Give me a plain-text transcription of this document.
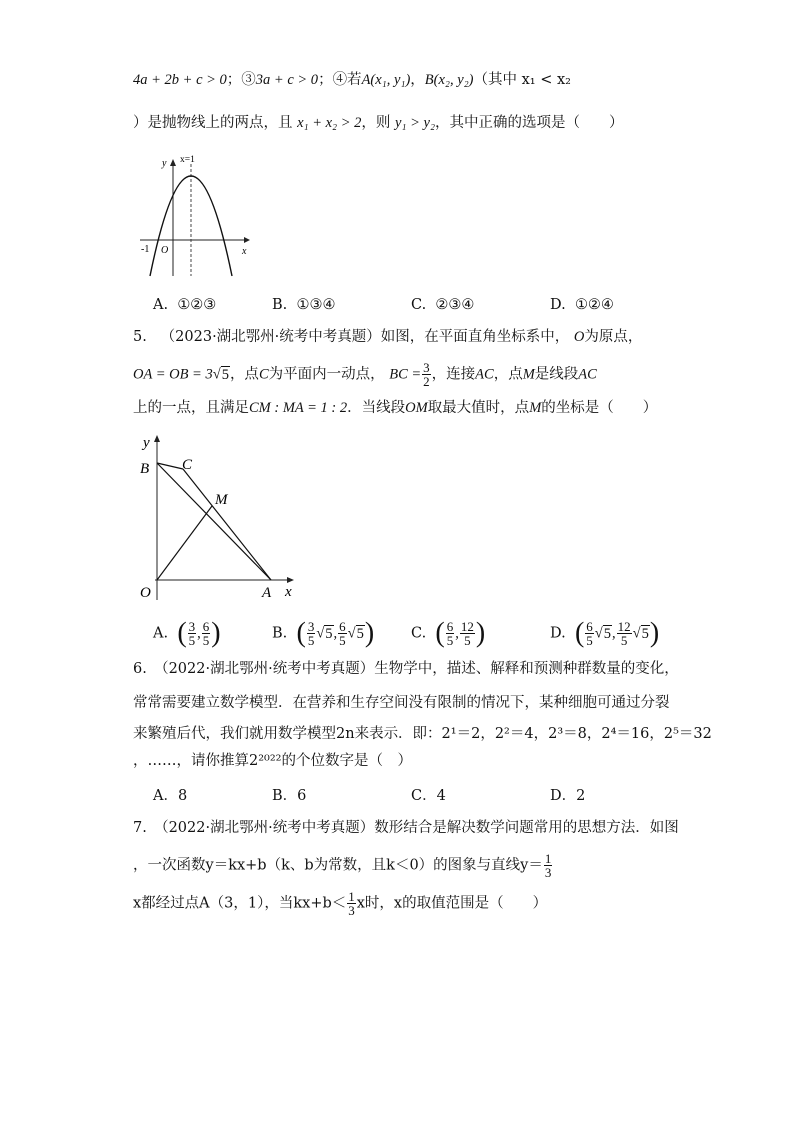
4a + 2b + c > 0；③3a + c > 0；④若A(x₁, y₁)，B(x₂, y₂)（其中 x₁ < x₂
）是抛物线上的两点，且 x₁ + x₂ > 2，则 y₁ > y₂，其中正确的选项是（　　）
x
y x=1
-1 O
A. ①②③	B. ①③④	C. ②③④	D. ①②④
5. （2023·湖北鄂州·统考中考真题）如图，在平面直角坐标系中， O为原点，
OA = OB = 3√5，点C为平面内一动点， BC = $\frac{3}{2}$ ，连接AC，点M是线段AC
上的一点，且满足CM : MA = 1 : 2．当线段OM取最大值时，点M的坐标是（　　）
y
x
B C
M
O	A
A. ( $\frac{3}{5}$ , $\frac{6}{5}$ )	B. ( $\frac{3}{5} √5$, $\frac{6}{5} √5$)	C. ( $\frac{6}{5}$ , $\frac{12}{5}$ )	D. ( $\frac{6}{5} √5$, $\frac{12}{5} √5$)
6.　（2022·湖北鄂州·统考中考真题）生物学中，描述、解释和预测种群数量的变化，
常常需要建立数学模型．在营养和生存空间没有限制的情况下，某种细胞可通过分裂
来繁殖后代，我们就用数学模型2n来表示．即：2¹＝2，2²＝4，2³＝8，2⁴＝16，2⁵＝32
，……，请你推算2²⁰²²的个位数字是（　）
A．8	B．6	C．4	D．2
7.　（2022·湖北鄂州·统考中考真题）数形结合是解决数学问题常用的思想方法．如图
，一次函数y＝kx+b（k、b为常数，且k＜0）的图象与直线$y= \frac{1}{3}$
x都经过点A（3，1），当$kx+b< \frac{1}{3}$ x时，x的取值范围是（　　）
